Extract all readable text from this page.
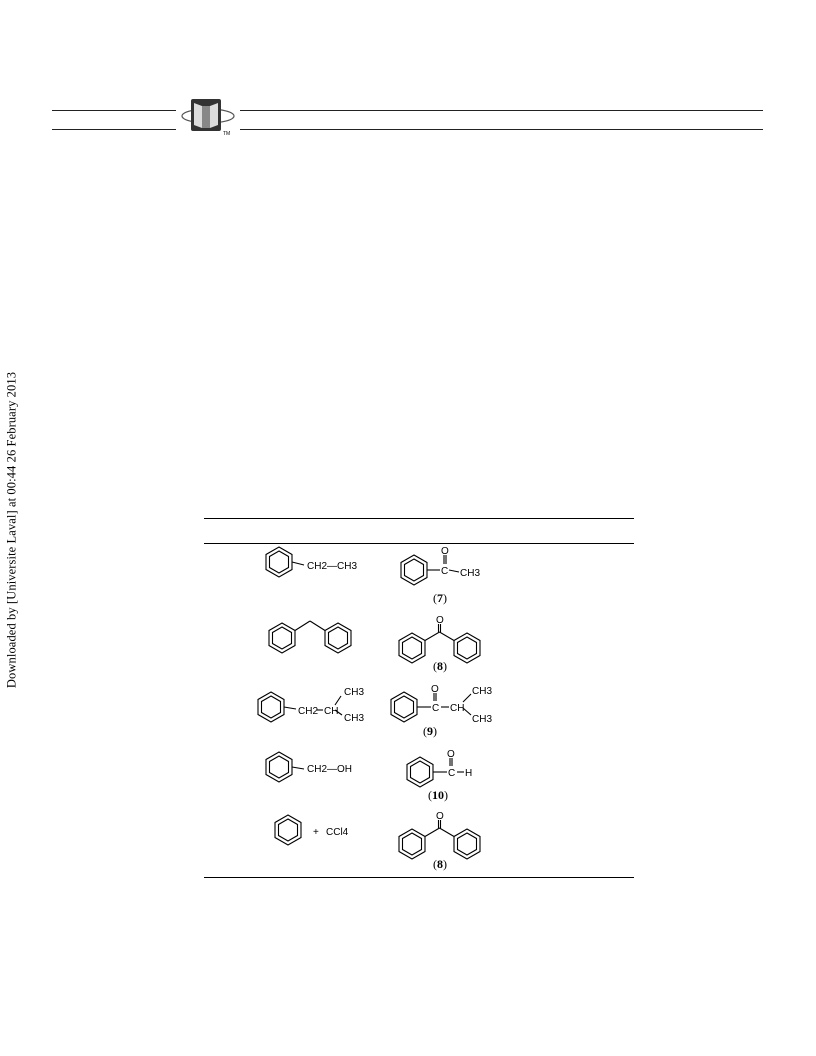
TM
Downloaded by [Universite Laval] at 00:44 26 February 2013	CH2—CH3
O
C CH3
(7)
O
(8)
CH2 CH
CH3
CH3
O
C CH
CH3
CH3
(9)
CH2—OH
O
C H
(10)
+ CCl4
O
(8)
